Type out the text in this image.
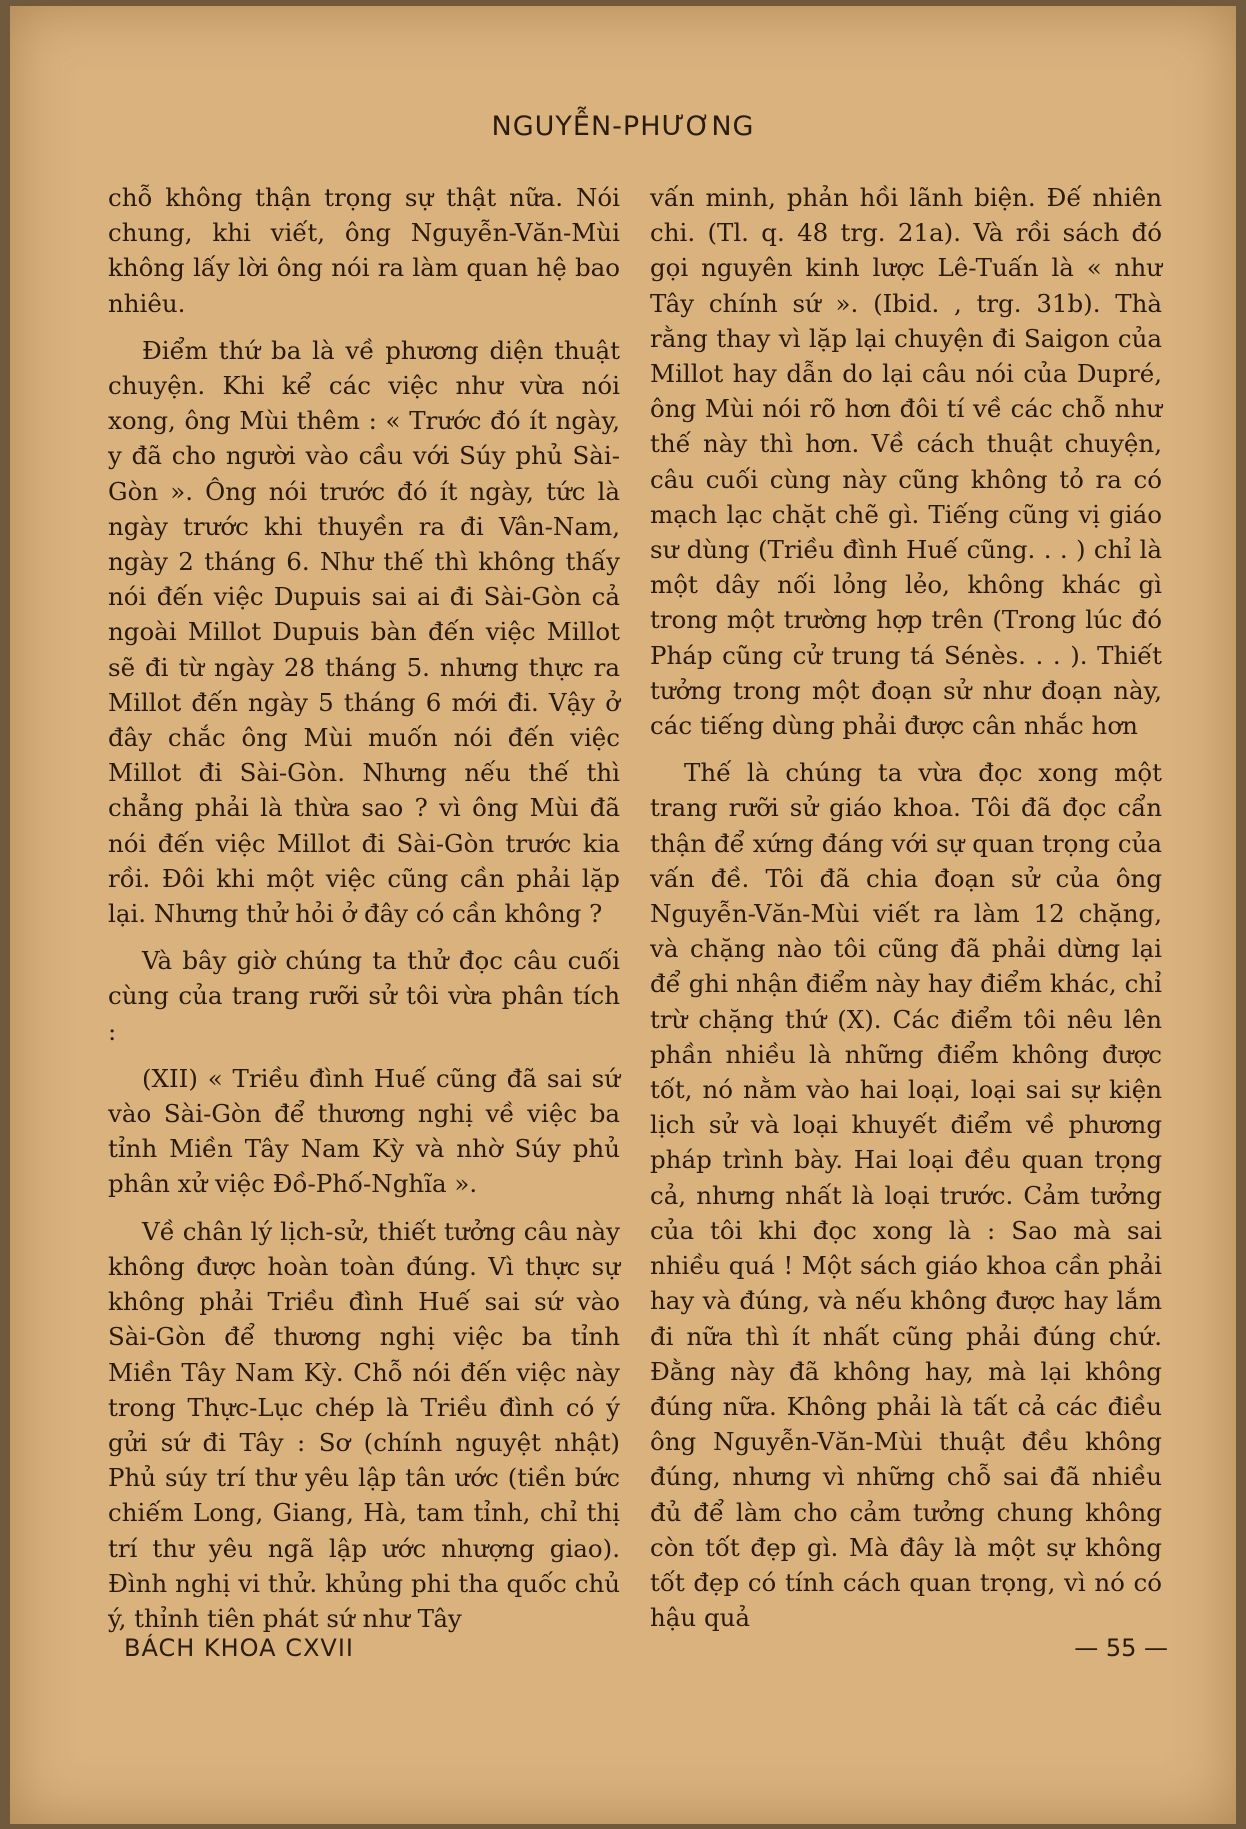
NGUYỄN-PHƯƠNG

chỗ không thận trọng sự thật nữa. Nói chung, khi viết, ông Nguyễn-Văn-Mùi không lấy lời ông nói ra làm quan hệ bao nhiêu.

Điểm thứ ba là về phương diện thuật chuyện. Khi kể các việc như vừa nói xong, ông Mùi thêm : « Trước đó ít ngày, y đã cho người vào cầu với Súy phủ Sài-Gòn ». Ông nói trước đó ít ngày, tức là ngày trước khi thuyền ra đi Vân-Nam, ngày 2 tháng 6. Như thế thì không thấy nói đến việc Dupuis sai ai đi Sài-Gòn cả ngoài Millot Dupuis bàn đến việc Millot sẽ đi từ ngày 28 tháng 5. nhưng thực ra Millot đến ngày 5 tháng 6 mới đi. Vậy ở đây chắc ông Mùi muốn nói đến việc Millot đi Sài-Gòn. Nhưng nếu thế thì chẳng phải là thừa sao ? vì ông Mùi đã nói đến việc Millot đi Sài-Gòn trước kia rồi. Đôi khi một việc cũng cần phải lặp lại. Nhưng thử hỏi ở đây có cần không ?

Và bây giờ chúng ta thử đọc câu cuối cùng của trang rưỡi sử tôi vừa phân tích :

(XII) « Triều đình Huế cũng đã sai sứ vào Sài-Gòn để thương nghị về việc ba tỉnh Miền Tây Nam Kỳ và nhờ Súy phủ phân xử việc Đồ-Phố-Nghĩa ».

Về chân lý lịch-sử, thiết tưởng câu này không được hoàn toàn đúng. Vì thực sự không phải Triều đình Huế sai sứ vào Sài-Gòn để thương nghị việc ba tỉnh Miền Tây Nam Kỳ. Chỗ nói đến việc này trong Thực-Lục chép là Triều đình có ý gửi sứ đi Tây : Sơ (chính nguyệt nhật) Phủ súy trí thư yêu lập tân ước (tiền bức chiếm Long, Giang, Hà, tam tỉnh, chỉ thị trí thư yêu ngã lập ước nhượng giao). Đình nghị vi thử. khủng phi tha quốc chủ ý, thỉnh tiên phát sứ như Tây

vấn minh, phản hồi lãnh biện. Đế nhiên chi. (Tl. q. 48 trg. 21a). Và rồi sách đó gọi nguyên kinh lược Lê-Tuấn là « như Tây chính sứ ». (Ibid. , trg. 31b). Thà rằng thay vì lặp lại chuyện đi Saigon của Millot hay dẫn do lại câu nói của Dupré, ông Mùi nói rõ hơn đôi tí về các chỗ như thế này thì hơn. Về cách thuật chuyện, câu cuối cùng này cũng không tỏ ra có mạch lạc chặt chẽ gì. Tiếng cũng vị giáo sư dùng (Triều đình Huế cũng. . . ) chỉ là một dây nối lỏng lẻo, không khác gì trong một trường hợp trên (Trong lúc đó Pháp cũng cử trung tá Sénès. . . ). Thiết tưởng trong một đoạn sử như đoạn này, các tiếng dùng phải được cân nhắc hơn

Thế là chúng ta vừa đọc xong một trang rưỡi sử giáo khoa. Tôi đã đọc cẩn thận để xứng đáng với sự quan trọng của vấn đề. Tôi đã chia đoạn sử của ông Nguyễn-Văn-Mùi viết ra làm 12 chặng, và chặng nào tôi cũng đã phải dừng lại để ghi nhận điểm này hay điểm khác, chỉ trừ chặng thứ (X). Các điểm tôi nêu lên phần nhiều là những điểm không được tốt, nó nằm vào hai loại, loại sai sự kiện lịch sử và loại khuyết điểm về phương pháp trình bày. Hai loại đều quan trọng cả, nhưng nhất là loại trước. Cảm tưởng của tôi khi đọc xong là : Sao mà sai nhiều quá ! Một sách giáo khoa cần phải hay và đúng, và nếu không được hay lắm đi nữa thì ít nhất cũng phải đúng chứ. Đằng này đã không hay, mà lại không đúng nữa. Không phải là tất cả các điều ông Nguyễn-Văn-Mùi thuật đều không đúng, nhưng vì những chỗ sai đã nhiều đủ để làm cho cảm tưởng chung không còn tốt đẹp gì. Mà đây là một sự không tốt đẹp có tính cách quan trọng, vì nó có hậu quả

BÁCH KHOA CXVII	— 55 —
